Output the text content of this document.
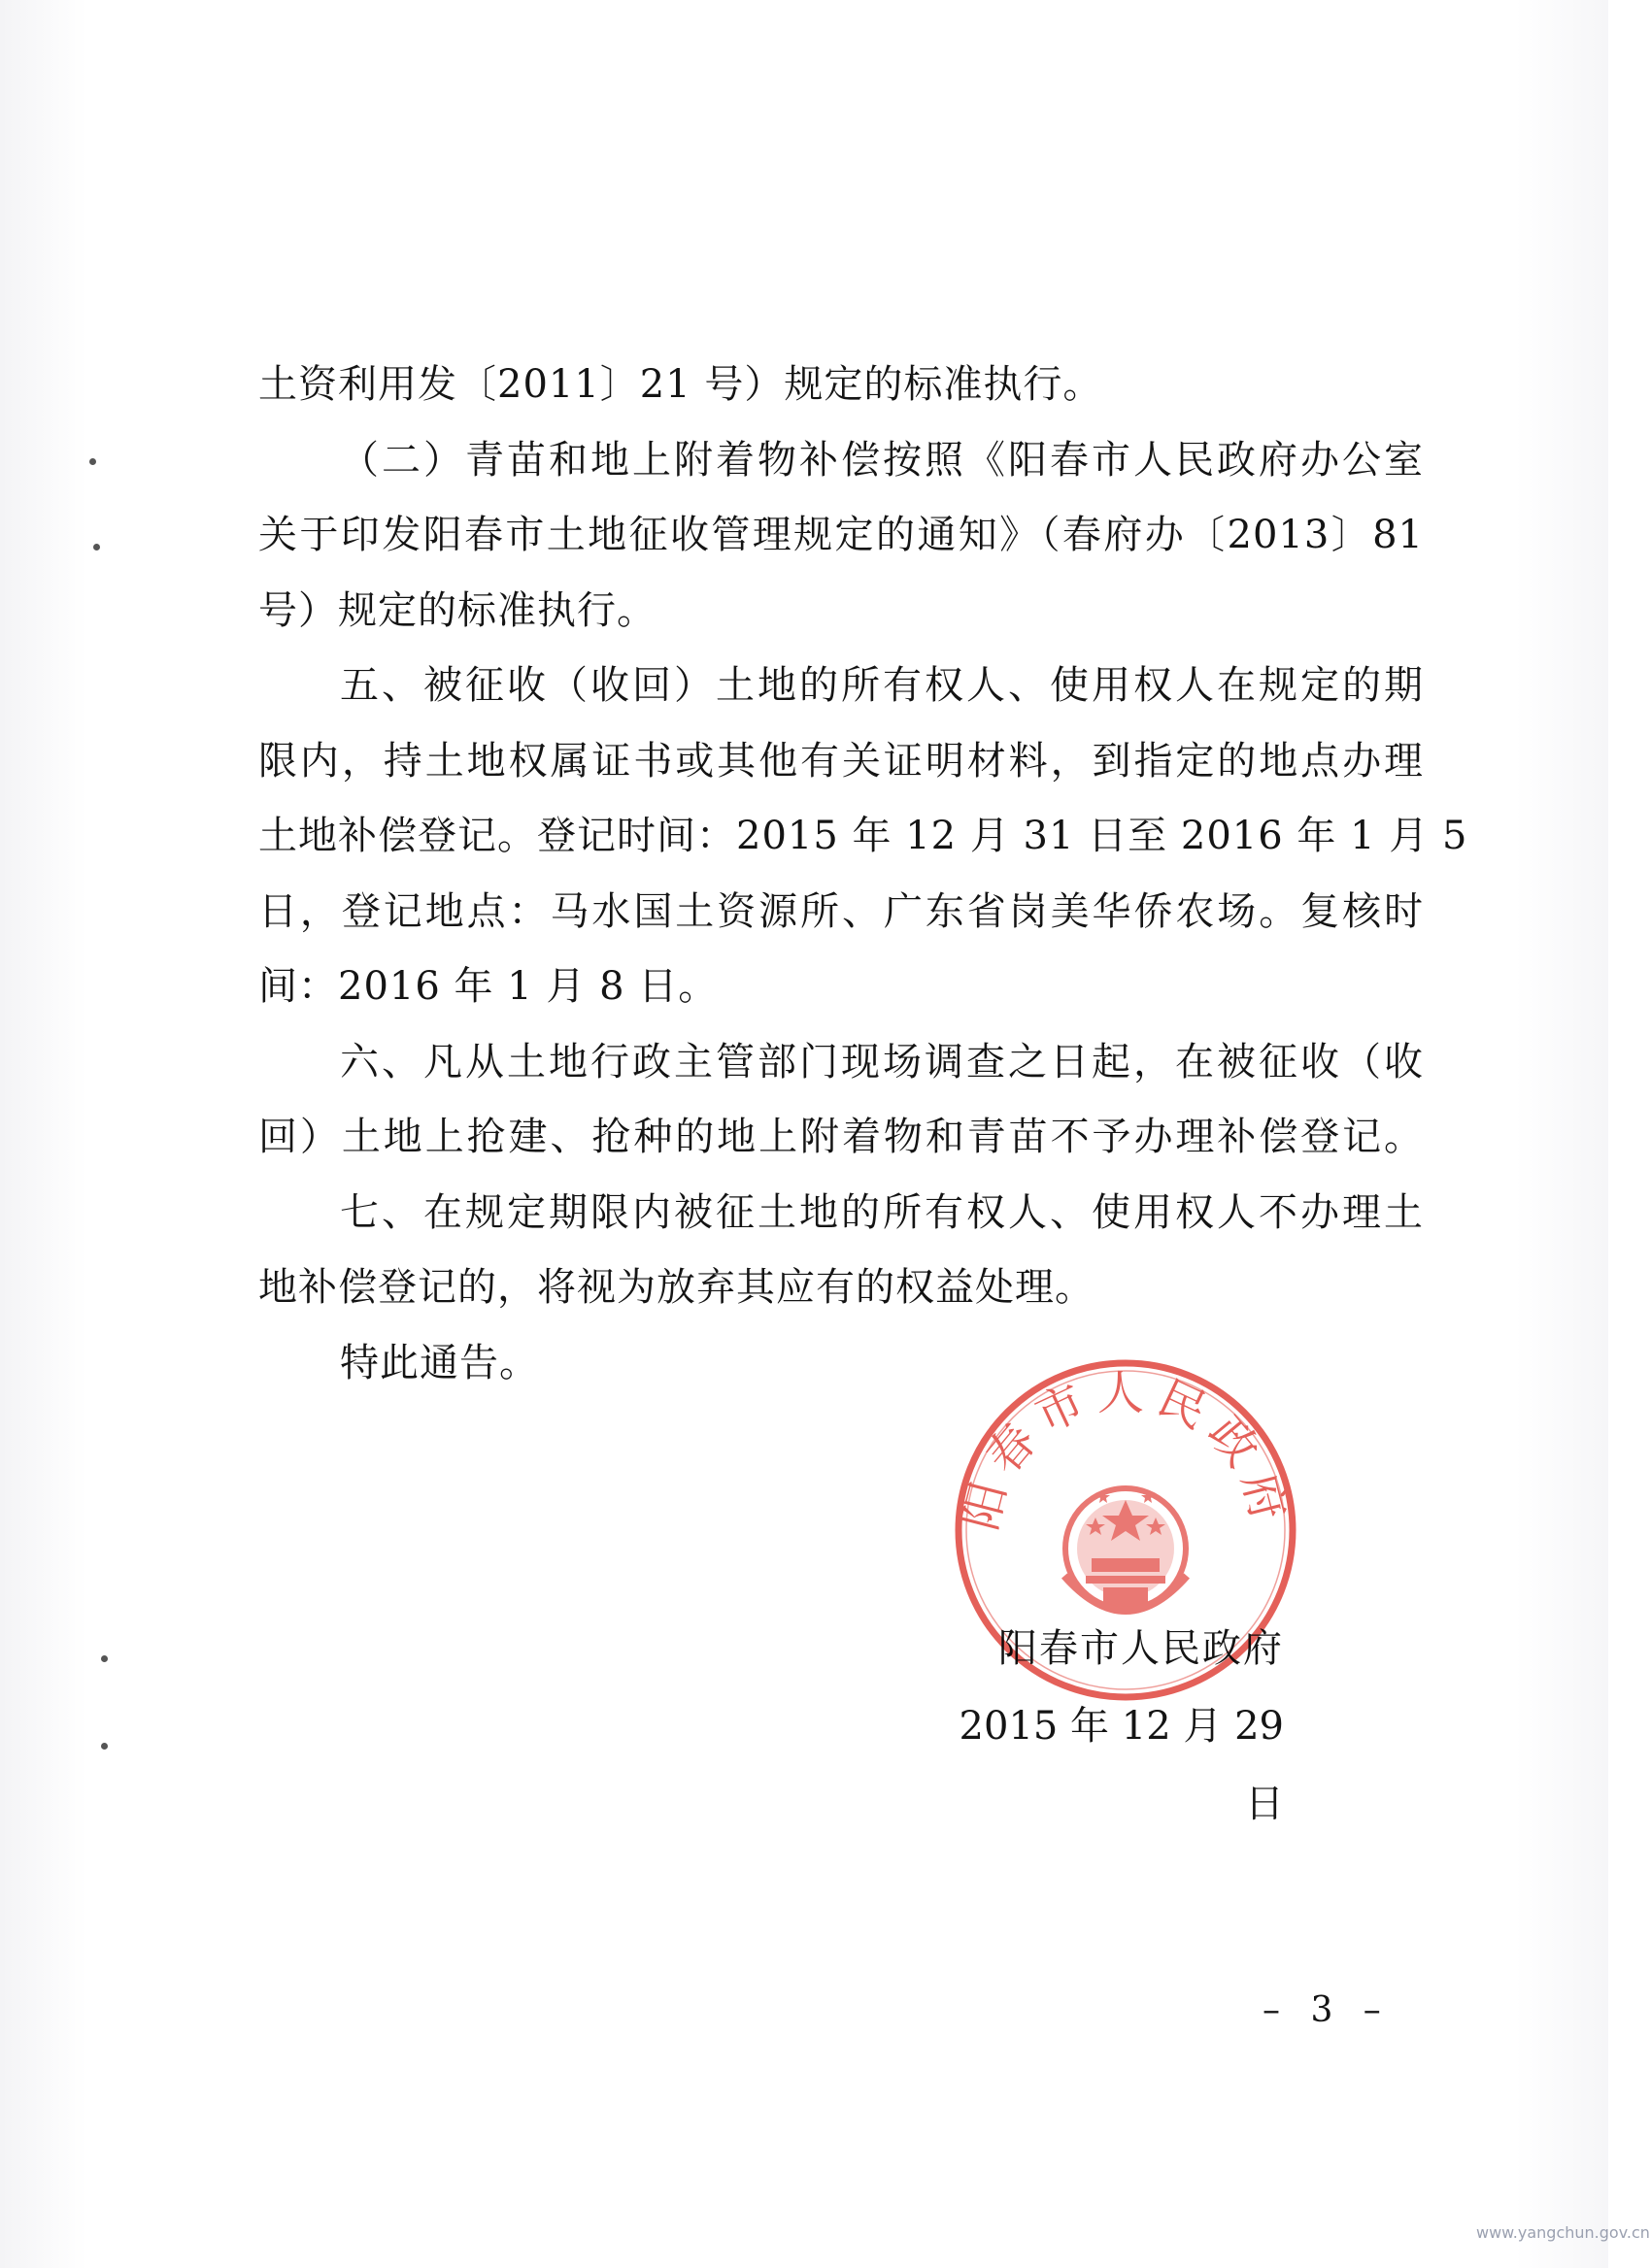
土资利用发〔2011〕21 号）规定的标准执行。
（二）青苗和地上附着物补偿按照《阳春市人民政府办公室
关于印发阳春市土地征收管理规定的通知》（春府办〔2013〕81
号）规定的标准执行。
五、被征收（收回）土地的所有权人、使用权人在规定的期
限内，持土地权属证书或其他有关证明材料，到指定的地点办理
土地补偿登记。登记时间：2015 年 12 月 31 日至 2016 年 1 月 5
日，登记地点：马水国土资源所、广东省岗美华侨农场。复核时
间：2016 年 1 月 8 日。
六、凡从土地行政主管部门现场调查之日起，在被征收（收
回）土地上抢建、抢种的地上附着物和青苗不予办理补偿登记。
七、在规定期限内被征土地的所有权人、使用权人不办理土
地补偿登记的，将视为放弃其应有的权益处理。
特此通告。
阳春市人民政府
2015 年 12 月 29 日
阳春市人民政府
– 3 –
www.yangchun.gov.cn
